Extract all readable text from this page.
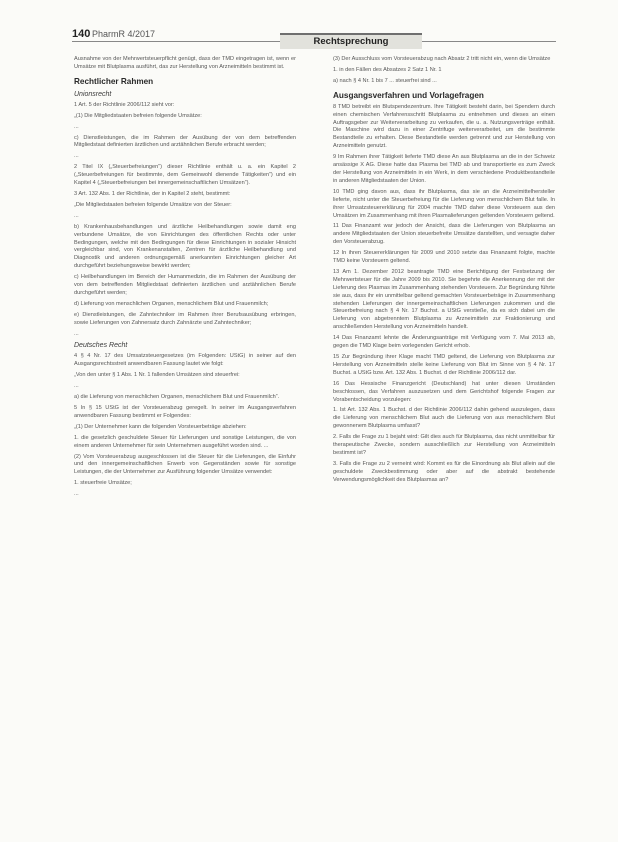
140 PharmR 4/2017
Rechtsprechung

Ausnahme von der Mehrwertsteuerpflicht genügt, dass der TMD eingetragen ist, wenn er Umsätze mit Blutplasma ausführt, das zur Herstellung von Arzneimitteln bestimmt ist.

Rechtlicher Rahmen
Unionsrecht

1 Art. 5 der Richtlinie 2006/112 sieht vor:

„(1) Die Mitgliedstaaten befreien folgende Umsätze:

...

c) Dienstleistungen, die im Rahmen der Ausübung der von dem betreffenden Mitgliedstaat definierten ärztlichen und arztähnlichen Berufe erbracht werden;

...

2 Titel IX („Steuerbefreiungen“) dieser Richtlinie enthält u. a. ein Kapitel 2 („Steuerbefreiungen für bestimmte, dem Gemeinwohl dienende Tätigkeiten“) und ein Kapitel 4 („Steuerbefreiungen bei innergemeinschaftlichen Umsätzen“).

3 Art. 132 Abs. 1 der Richtlinie, der in Kapitel 2 steht, bestimmt:

„Die Mitgliedstaaten befreien folgende Umsätze von der Steuer:

...

b) Krankenhausbehandlungen und ärztliche Heilbehandlungen sowie damit eng verbundene Umsätze, die von Einrichtungen des öffentlichen Rechts oder unter Bedingungen, welche mit den Bedingungen für diese Einrichtungen in sozialer Hinsicht vergleichbar sind, von Krankenanstalten, Zentren für ärztliche Heilbehandlung und Diagnostik und anderen ordnungsgemäß anerkannten Einrichtungen gleicher Art durchgeführt beziehungsweise bewirkt werden;

c) Heilbehandlungen im Bereich der Humanmedizin, die im Rahmen der Ausübung der von dem betreffenden Mitgliedstaat definierten ärztlichen und arztähnlichen Berufe durchgeführt werden;

d) Lieferung von menschlichen Organen, menschlichem Blut und Frauenmilch;

e) Dienstleistungen, die Zahntechniker im Rahmen ihrer Berufsausübung erbringen, sowie Lieferungen von Zahnersatz durch Zahnärzte und Zahntechniker;

...
Deutsches Recht

4 § 4 Nr. 17 des Umsatzsteuergesetzes (im Folgenden: UStG) in seiner auf den Ausgangsrechtsstreit anwendbaren Fassung lautet wie folgt:

„Von den unter § 1 Abs. 1 Nr. 1 fallenden Umsätzen sind steuerfrei:

...

a) die Lieferung von menschlichen Organen, menschlichem Blut und Frauenmilch“.

5 In § 15 UStG ist der Vorsteuerabzug geregelt. In seiner im Ausgangsverfahren anwendbaren Fassung bestimmt er Folgendes:

„(1) Der Unternehmer kann die folgenden Vorsteuerbeträge abziehen:

1. die gesetzlich geschuldete Steuer für Lieferungen und sonstige Leistungen, die von einem anderen Unternehmer für sein Unternehmen ausgeführt worden sind. ...

(2) Vom Vorsteuerabzug ausgeschlossen ist die Steuer für die Lieferungen, die Einfuhr und den innergemeinschaftlichen Erwerb von Gegenständen sowie für sonstige Leistungen, die der Unternehmer zur Ausführung folgender Umsätze verwendet:

1. steuerfreie Umsätze;

...

(3) Der Ausschluss vom Vorsteuerabzug nach Absatz 2 tritt nicht ein, wenn die Umsätze

1. in den Fällen des Absatzes 2 Satz 1 Nr. 1

a) nach § 4 Nr. 1 bis 7 ... steuerfrei sind ...

Ausgangsverfahren und Vorlagefragen

8 TMD betreibt ein Blutspendezentrum. Ihre Tätigkeit besteht darin, bei Spendern durch einen chemischen Verfahrensschritt Blutplasma zu entnehmen und dieses an einen Auftragsgeber zur Weiterverarbeitung zu verkaufen, die u. a. Nutzungsverträge enthält. Die Maschine wird dazu in einer Zentrifuge weiterverarbeitet, um die bestimmte Bestandteile zu erhalten. Diese Bestandteile werden getrennt und zur Herstellung von Arzneimitteln genutzt.

9 Im Rahmen ihrer Tätigkeit lieferte TMD diese An aus Blutplasma an die in der Schweiz ansässige X AG. Diese hatte das Plasma bei TMD ab und transportierte es zum Zweck der Herstellung von Arzneimitteln in ein Werk, in dem verschiedene Produktbestandteile in anderen Mitgliedstaaten der Union.

10 TMD ging davon aus, dass ihr Blutplasma, das sie an die Arzneimittelhersteller lieferte, nicht unter die Steuerbefreiung für die Lieferung von menschlichem Blut falle. In ihrer Umsatzsteuererklärung für 2004 machte TMD daher diese Vorsteuern aus den Umsätzen im Zusammenhang mit ihren Plasmalieferungen geltenden Vorsteuern geltend.

11 Das Finanzamt war jedoch der Ansicht, dass die Lieferungen von Blutplasma an andere Mitgliedstaaten der Union steuerbefreite Umsätze darstellten, und versagte daher den Vorsteuerabzug.

12 In ihren Steuererklärungen für 2009 und 2010 setzte das Finanzamt folgte, machte TMD keine Vorsteuern geltend.

13 Am 1. Dezember 2012 beantragte TMD eine Berichtigung der Festsetzung der Mehrwertsteuer für die Jahre 2009 bis 2010. Sie begehrte die Anerkennung der mit der Lieferung des Plasmas im Zusammenhang stehenden Vorsteuern. Zur Begründung führte sie aus, dass ihr ein unmittelbar geltend gemachten Vorsteuerbeträge in Zusammenhang stehenden Lieferungen der innergemeinschaftlichen Lieferungen zukommen und die Steuerbefreiung nach § 4 Nr. 17 Buchst. a UStG verstieße, da es sich dabei um die Lieferung von abgetrenntem Blutplasma zu Arzneimitteln zur Fraktionierung und anschließenden Herstellung von Arzneimitteln handelt.

14 Das Finanzamt lehnte die Änderungsanträge mit Verfügung vom 7. Mai 2013 ab, gegen die TMD Klage beim vorlegenden Gericht erhob.

15 Zur Begründung ihrer Klage macht TMD geltend, die Lieferung von Blutplasma zur Herstellung von Arzneimitteln stelle keine Lieferung von Blut im Sinne von § 4 Nr. 17 Buchst. a UStG bzw. Art. 132 Abs. 1 Buchst. d der Richtlinie 2006/112 dar.

16 Das Hessische Finanzgericht (Deutschland) hat unter diesen Umständen beschlossen, das Verfahren auszusetzen und dem Gerichtshof folgende Fragen zur Vorabentscheidung vorzulegen:

1. Ist Art. 132 Abs. 1 Buchst. d der Richtlinie 2006/112 dahin gehend auszulegen, dass die Lieferung von menschlichem Blut auch die Lieferung von aus menschlichem Blut gewonnenem Blutplasma umfasst?

2. Falls die Frage zu 1 bejaht wird: Gilt dies auch für Blutplasma, das nicht unmittelbar für therapeutische Zwecke, sondern ausschließlich zur Herstellung von Arzneimitteln bestimmt ist?

3. Falls die Frage zu 2 verneint wird: Kommt es für die Einordnung als Blut allein auf die geschuldete Zweckbestimmung oder aber auf die abstrakt bestehende Verwendungsmöglichkeit des Blutplasmas an?
